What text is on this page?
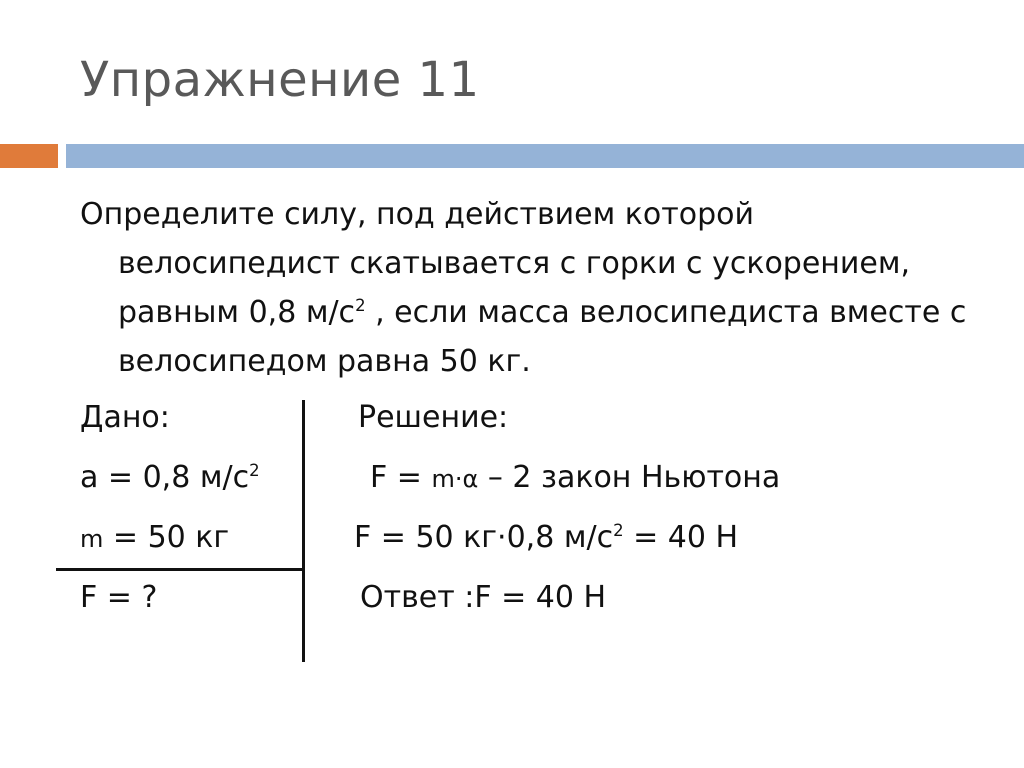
Упражнение 11
Определите силу, под действием которой
велосипедист скатывается с горки с ускорением, равным 0,8 $м/с^2$ , если масса велосипедиста вместе с велосипедом равна 50 кг.
Дано:
a = 0,8 $м/с^2$
m = 50 кг
F = ?
Решение:
F = m·α – 2 закон Ньютона
F = 50 кг·0,8 $м/с^2 = 40$ Н
Ответ :F = 40 Н
